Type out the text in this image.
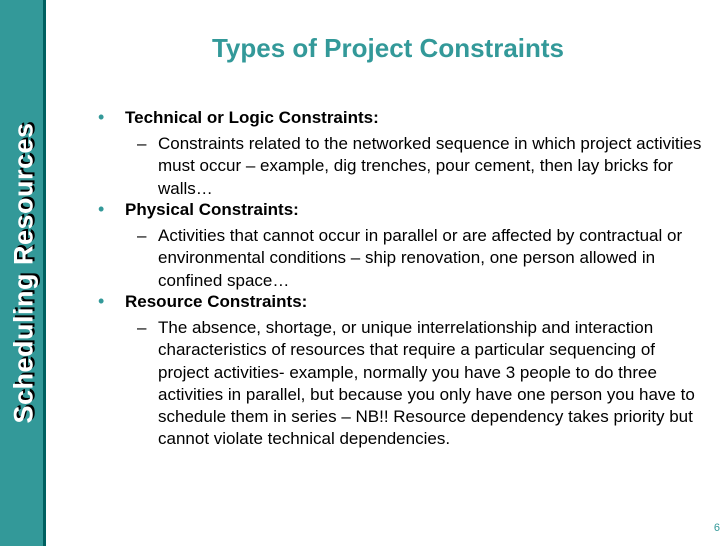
Scheduling Resources
Types of Project Constraints
• Technical or Logic Constraints:
– Constraints related to the networked sequence in which project activities must occur – example, dig trenches, pour cement, then lay bricks for walls…
• Physical Constraints:
– Activities that cannot occur in parallel or are affected by contractual or environmental conditions – ship renovation, one person allowed in confined space…
• Resource Constraints:
– The absence, shortage, or unique interrelationship and interaction characteristics of resources that require a particular sequencing of project activities- example, normally you have 3 people to do three activities in parallel, but because you only have one person you have to schedule them in series – NB!! Resource dependency takes priority but cannot violate technical dependencies.
6
